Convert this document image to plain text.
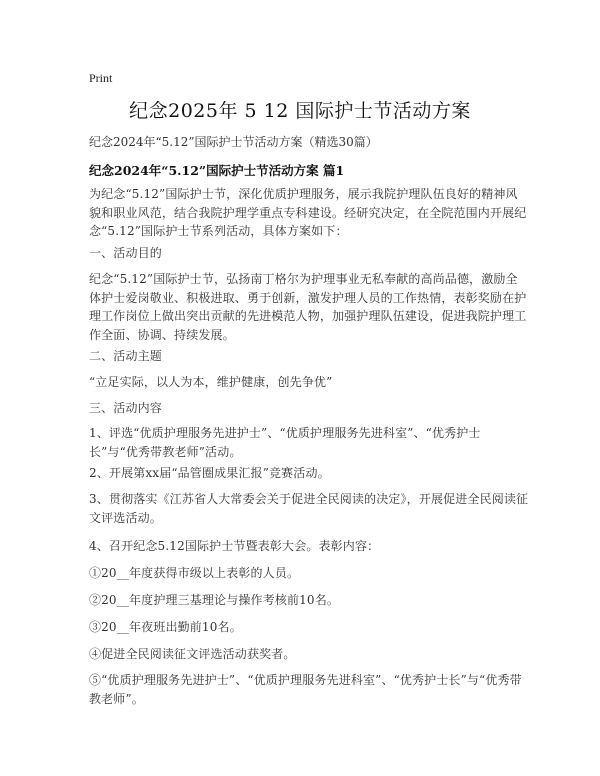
Print
纪念2025年 5 12 国际护士节活动方案
纪念2024年“5.12”国际护士节活动方案（精选30篇）
纪念2024年“5.12”国际护士节活动方案 篇1

为纪念“5.12”国际护士节，深化优质护理服务，展示我院护理队伍良好的精神风貌和职业风范，结合我院护理学重点专科建设。经研究决定，在全院范围内开展纪念“5.12”国际护士节系列活动，具体方案如下：

一、活动目的

纪念“5.12”国际护士节，弘扬南丁格尔为护理事业无私奉献的高尚品德，激励全体护士爱岗敬业、积极进取、勇于创新，激发护理人员的工作热情，表彰奖励在护理工作岗位上做出突出贡献的先进模范人物，加强护理队伍建设，促进我院护理工作全面、协调、持续发展。

二、活动主题

“立足实际，以人为本，维护健康，创先争优”

三、活动内容

1、评选“优质护理服务先进护士”、“优质护理服务先进科室”、“优秀护士长”与“优秀带教老师”活动。

2、开展第xx届“品管圈成果汇报”竞赛活动。

3、贯彻落实《江苏省人大常委会关于促进全民阅读的决定》，开展促进全民阅读征文评选活动。

4、召开纪念5.12国际护士节暨表彰大会。表彰内容：

①20__年度获得市级以上表彰的人员。

②20__年度护理三基理论与操作考核前10名。

③20__年夜班出勤前10名。

④促进全民阅读征文评选活动获奖者。

⑤“优质护理服务先进护士”、“优质护理服务先进科室”、“优秀护士长”与“优秀带教老师”。
